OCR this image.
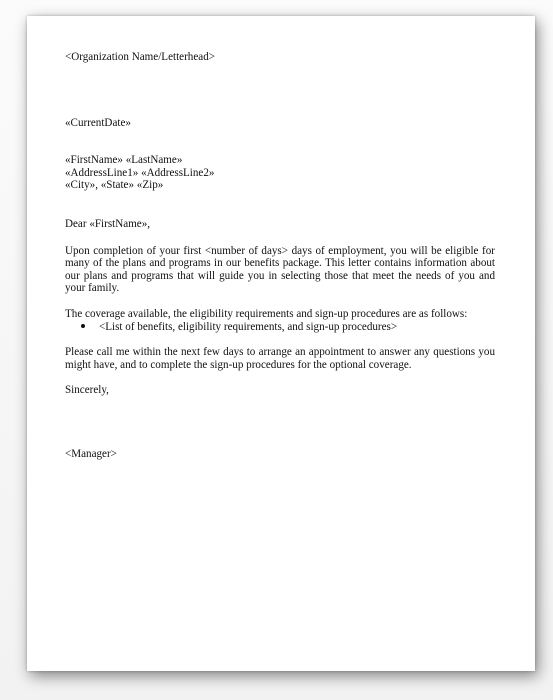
<Organization Name/Letterhead>
«CurrentDate»
«FirstName» «LastName»
«AddressLine1» «AddressLine2»
«City», «State» «Zip»
Dear «FirstName»,
Upon completion of your first <number of days> days of employment, you will be eligible for many of the plans and programs in our benefits package. This letter contains information about our plans and programs that will guide you in selecting those that meet the needs of you and your family.
The coverage available, the eligibility requirements and sign-up procedures are as follows:
<List of benefits, eligibility requirements, and sign-up procedures>
Please call me within the next few days to arrange an appointment to answer any questions you might have, and to complete the sign-up procedures for the optional coverage.
Sincerely,
<Manager>
